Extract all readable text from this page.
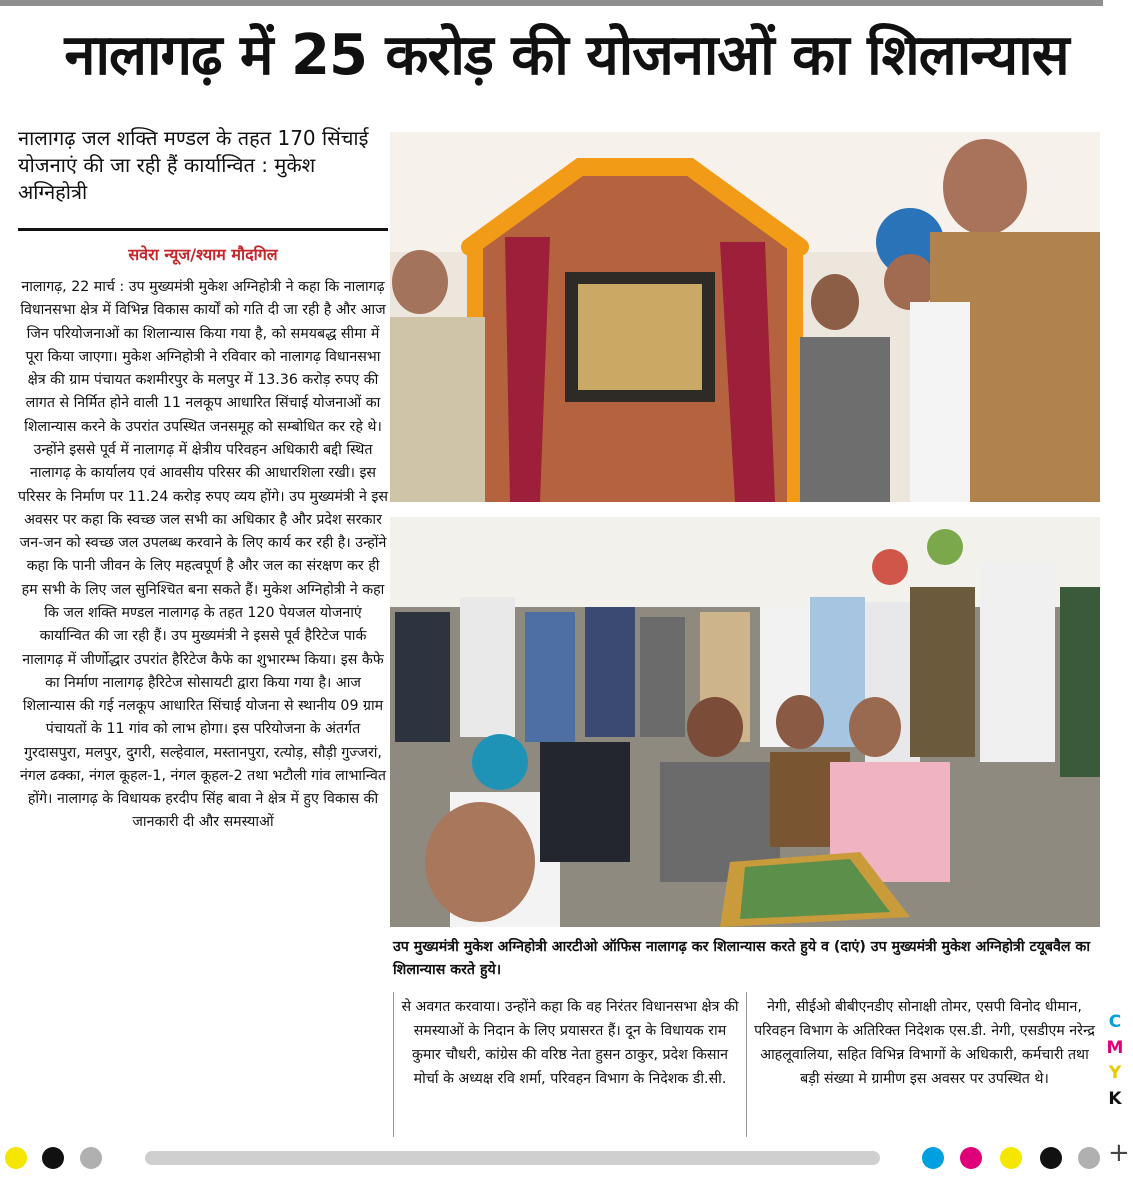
नालागढ़ में 25 करोड़ की योजनाओं का शिलान्यास
नालागढ़ जल शक्ति मण्डल के तहत 170 सिंचाई योजनाएं की जा रही हैं कार्यान्वित : मुकेश अग्निहोत्री
सवेरा न्यूज/श्याम मौदगिल
नालागढ़, 22 मार्च : उप मुख्यमंत्री मुकेश अग्निहोत्री ने कहा कि नालागढ़ विधानसभा क्षेत्र में विभिन्न विकास कार्यों को गति दी जा रही है और आज जिन परियोजनाओं का शिलान्यास किया गया है, को समयबद्ध सीमा में पूरा किया जाएगा। मुकेश अग्निहोत्री ने रविवार को नालागढ़ विधानसभा क्षेत्र की ग्राम पंचायत कशमीरपुर के मलपुर में 13.36 करोड़ रुपए की लागत से निर्मित होने वाली 11 नलकूप आधारित सिंचाई योजनाओं का शिलान्यास करने के उपरांत उपस्थित जनसमूह को सम्बोधित कर रहे थे। उन्होंने इससे पूर्व में नालागढ़ में क्षेत्रीय परिवहन अधिकारी बद्दी स्थित नालागढ़ के कार्यालय एवं आवसीय परिसर की आधारशिला रखी। इस परिसर के निर्माण पर 11.24 करोड़ रुपए व्यय होंगे। उप मुख्यमंत्री ने इस अवसर पर कहा कि स्वच्छ जल सभी का अधिकार है और प्रदेश सरकार जन-जन को स्वच्छ जल उपलब्ध करवाने के लिए कार्य कर रही है। उन्होंने कहा कि पानी जीवन के लिए महत्वपूर्ण है और जल का संरक्षण कर ही हम सभी के लिए जल सुनिश्चित बना सकते हैं। मुकेश अग्निहोत्री ने कहा कि जल शक्ति मण्डल नालागढ़ के तहत 120 पेयजल योजनाएं कार्यान्वित की जा रही हैं। उप मुख्यमंत्री ने इससे पूर्व हैरिटेज पार्क नालागढ़ में जीर्णोद्धार उपरांत हैरिटेज कैफे का शुभारम्भ किया। इस कैफे का निर्माण नालागढ़ हैरिटेज सोसायटी द्वारा किया गया है। आज शिलान्यास की गई नलकूप आधारित सिंचाई योजना से स्थानीय 09 ग्राम पंचायतों के 11 गांव को लाभ होगा। इस परियोजना के अंतर्गत गुरदासपुरा, मलपुर, दुगरी, सल्हेवाल, मस्तानपुरा, रत्योड़, सौड़ी गुज्जरां, नंगल ढक्का, नंगल कूहल-1, नंगल कूहल-2 तथा भटौली गांव लाभान्वित होंगे। नालागढ़ के विधायक हरदीप सिंह बावा ने क्षेत्र में हुए विकास की जानकारी दी और समस्याओं
उप मुख्यमंत्री मुकेश अग्निहोत्री आरटीओ ऑफिस नालागढ़ कर शिलान्यास करते हुये व (दाएं) उप मुख्यमंत्री मुकेश अग्निहोत्री टयूबवैल का शिलान्यास करते हुये।
से अवगत करवाया। उन्होंने कहा कि वह निरंतर विधानसभा क्षेत्र की समस्याओं के निदान के लिए प्रयासरत हैं। दून के विधायक राम कुमार चौधरी, कांग्रेस की वरिष्ठ नेता हुसन ठाकुर, प्रदेश किसान मोर्चा के अध्यक्ष रवि शर्मा, परिवहन विभाग के निदेशक डी.सी.
नेगी, सीईओ बीबीएनडीए सोनाक्षी तोमर, एसपी विनोद धीमान, परिवहन विभाग के अतिरिक्त निदेशक एस.डी. नेगी, एसडीएम नरेन्द्र आहलूवालिया, सहित विभिन्न विभागों के अधिकारी, कर्मचारी तथा बड़ी संख्या मे ग्रामीण इस अवसर पर उपस्थित थे।
C
M
Y
K
+
